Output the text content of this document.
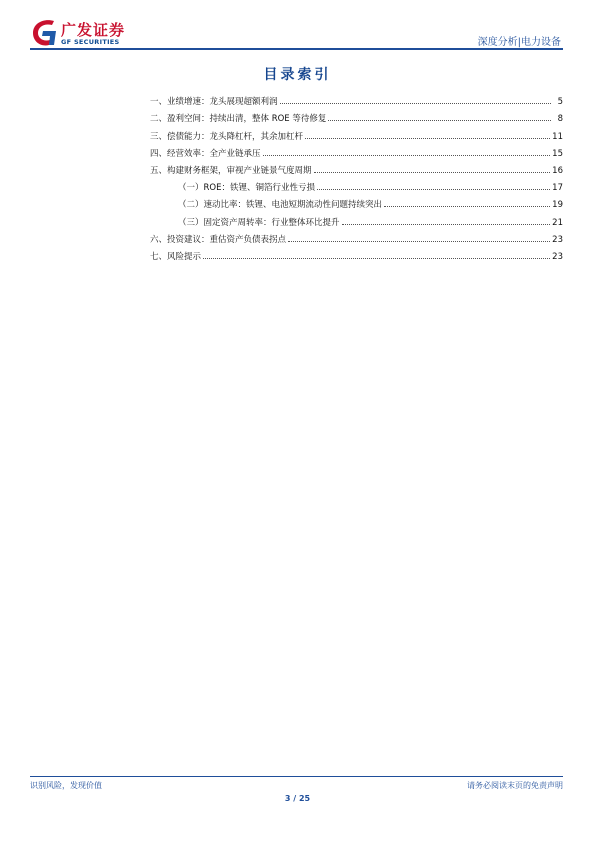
广发证券
GF SECURITIES	深度分析|电力设备
目录索引
一、业绩增速：龙头展现超额利润	5
二、盈利空间：持续出清，整体 ROE 等待修复	8
三、偿债能力：龙头降杠杆，其余加杠杆	11
四、经营效率：全产业链承压	15
五、构建财务框架，审视产业链景气度周期	16
（一）ROE：铁锂、铜箔行业性亏损	17
（二）速动比率：铁锂、电池短期流动性问题持续突出	19
（三）固定资产周转率：行业整体环比提升	21
六、投资建议：重估资产负债表拐点	23
七、风险提示	23
识别风险，发现价值	请务必阅读末页的免责声明
3 / 25
